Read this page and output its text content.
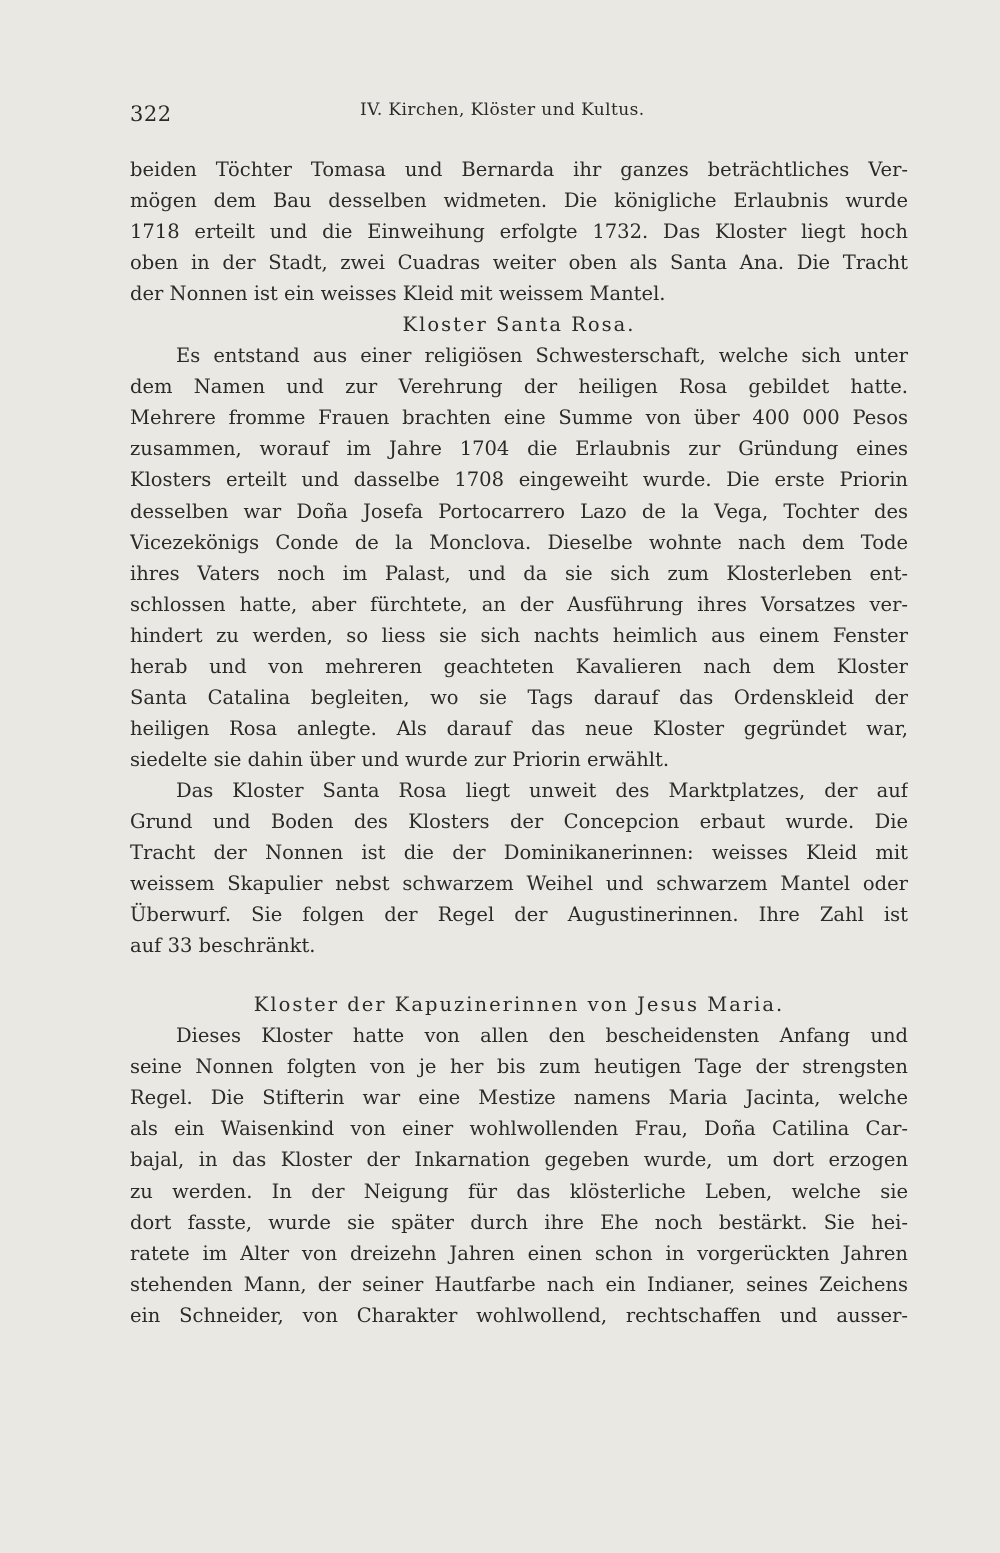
322	IV. Kirchen, Klöster und Kultus.
beiden Töchter Tomasa und Bernarda ihr ganzes beträchtliches Ver-
mögen dem Bau desselben widmeten. Die königliche Erlaubnis wurde
1718 erteilt und die Einweihung erfolgte 1732. Das Kloster liegt hoch
oben in der Stadt, zwei Cuadras weiter oben als Santa Ana. Die Tracht
der Nonnen ist ein weisses Kleid mit weissem Mantel.
Kloster Santa Rosa.
Es entstand aus einer religiösen Schwesterschaft, welche sich unter
dem Namen und zur Verehrung der heiligen Rosa gebildet hatte.
Mehrere fromme Frauen brachten eine Summe von über 400 000 Pesos
zusammen, worauf im Jahre 1704 die Erlaubnis zur Gründung eines
Klosters erteilt und dasselbe 1708 eingeweiht wurde. Die erste Priorin
desselben war Doña Josefa Portocarrero Lazo de la Vega, Tochter des
Vicezekönigs Conde de la Monclova. Dieselbe wohnte nach dem Tode
ihres Vaters noch im Palast, und da sie sich zum Klosterleben ent-
schlossen hatte, aber fürchtete, an der Ausführung ihres Vorsatzes ver-
hindert zu werden, so liess sie sich nachts heimlich aus einem Fenster
herab und von mehreren geachteten Kavalieren nach dem Kloster
Santa Catalina begleiten, wo sie Tags darauf das Ordenskleid der
heiligen Rosa anlegte. Als darauf das neue Kloster gegründet war,
siedelte sie dahin über und wurde zur Priorin erwählt.
Das Kloster Santa Rosa liegt unweit des Marktplatzes, der auf
Grund und Boden des Klosters der Concepcion erbaut wurde. Die
Tracht der Nonnen ist die der Dominikanerinnen: weisses Kleid mit
weissem Skapulier nebst schwarzem Weihel und schwarzem Mantel oder
Überwurf. Sie folgen der Regel der Augustinerinnen. Ihre Zahl ist
auf 33 beschränkt.
Kloster der Kapuzinerinnen von Jesus Maria.
Dieses Kloster hatte von allen den bescheidensten Anfang und
seine Nonnen folgten von je her bis zum heutigen Tage der strengsten
Regel. Die Stifterin war eine Mestize namens Maria Jacinta, welche
als ein Waisenkind von einer wohlwollenden Frau, Doña Catilina Car-
bajal, in das Kloster der Inkarnation gegeben wurde, um dort erzogen
zu werden. In der Neigung für das klösterliche Leben, welche sie
dort fasste, wurde sie später durch ihre Ehe noch bestärkt. Sie hei-
ratete im Alter von dreizehn Jahren einen schon in vorgerückten Jahren
stehenden Mann, der seiner Hautfarbe nach ein Indianer, seines Zeichens
ein Schneider, von Charakter wohlwollend, rechtschaffen und ausser-
